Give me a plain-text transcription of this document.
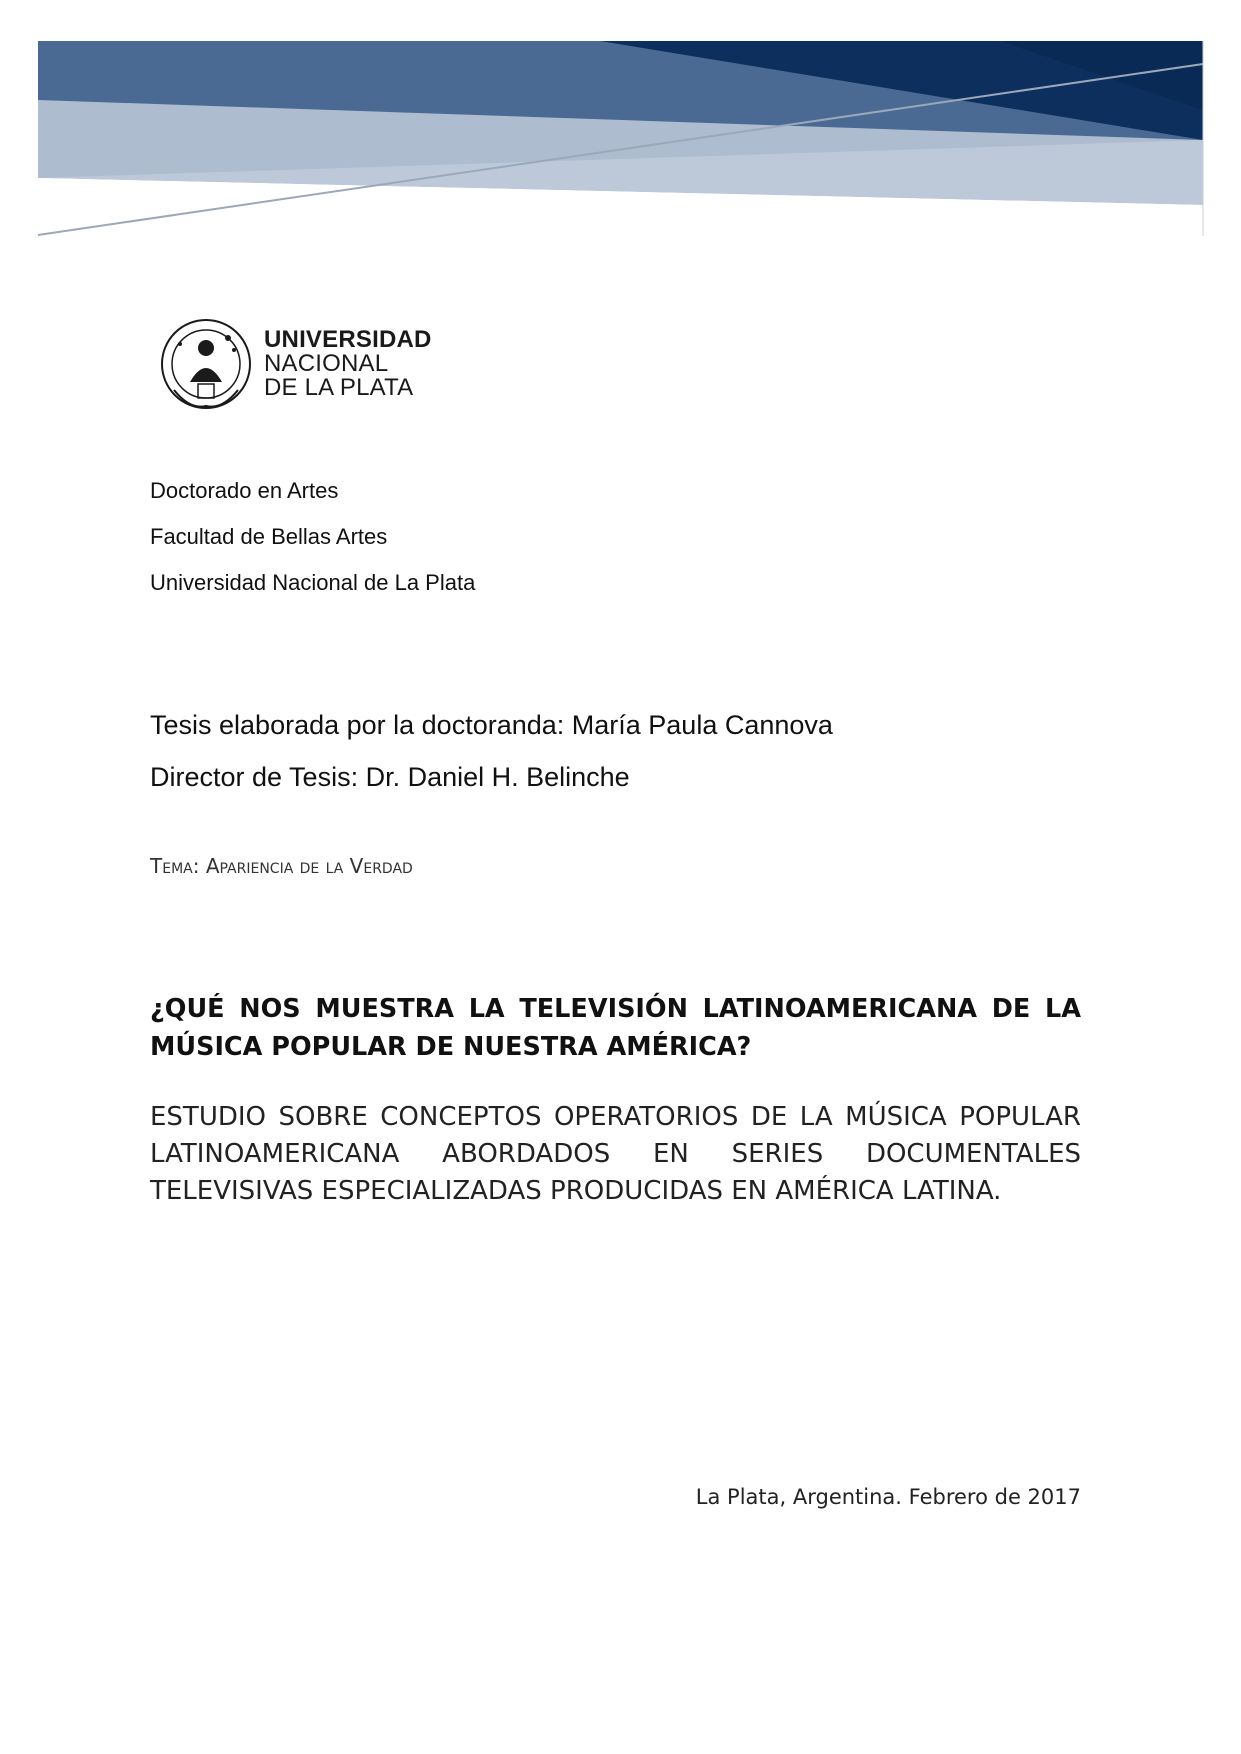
UNIVERSIDAD
NACIONAL
DE LA PLATA
Doctorado en Artes
Facultad de Bellas Artes
Universidad Nacional de La Plata
Tesis elaborada por la doctoranda: María Paula Cannova
Director de Tesis: Dr. Daniel H. Belinche
Tema: Apariencia de la Verdad
¿QUÉ NOS MUESTRA LA TELEVISIÓN LATINOAMERICANA DE LA MÚSICA POPULAR DE NUESTRA AMÉRICA?
ESTUDIO SOBRE CONCEPTOS OPERATORIOS DE LA MÚSICA POPULAR LATINOAMERICANA ABORDADOS EN SERIES DOCUMENTALES TELEVISIVAS ESPECIALIZADAS PRODUCIDAS EN AMÉRICA LATINA.
La Plata, Argentina. Febrero de 2017
